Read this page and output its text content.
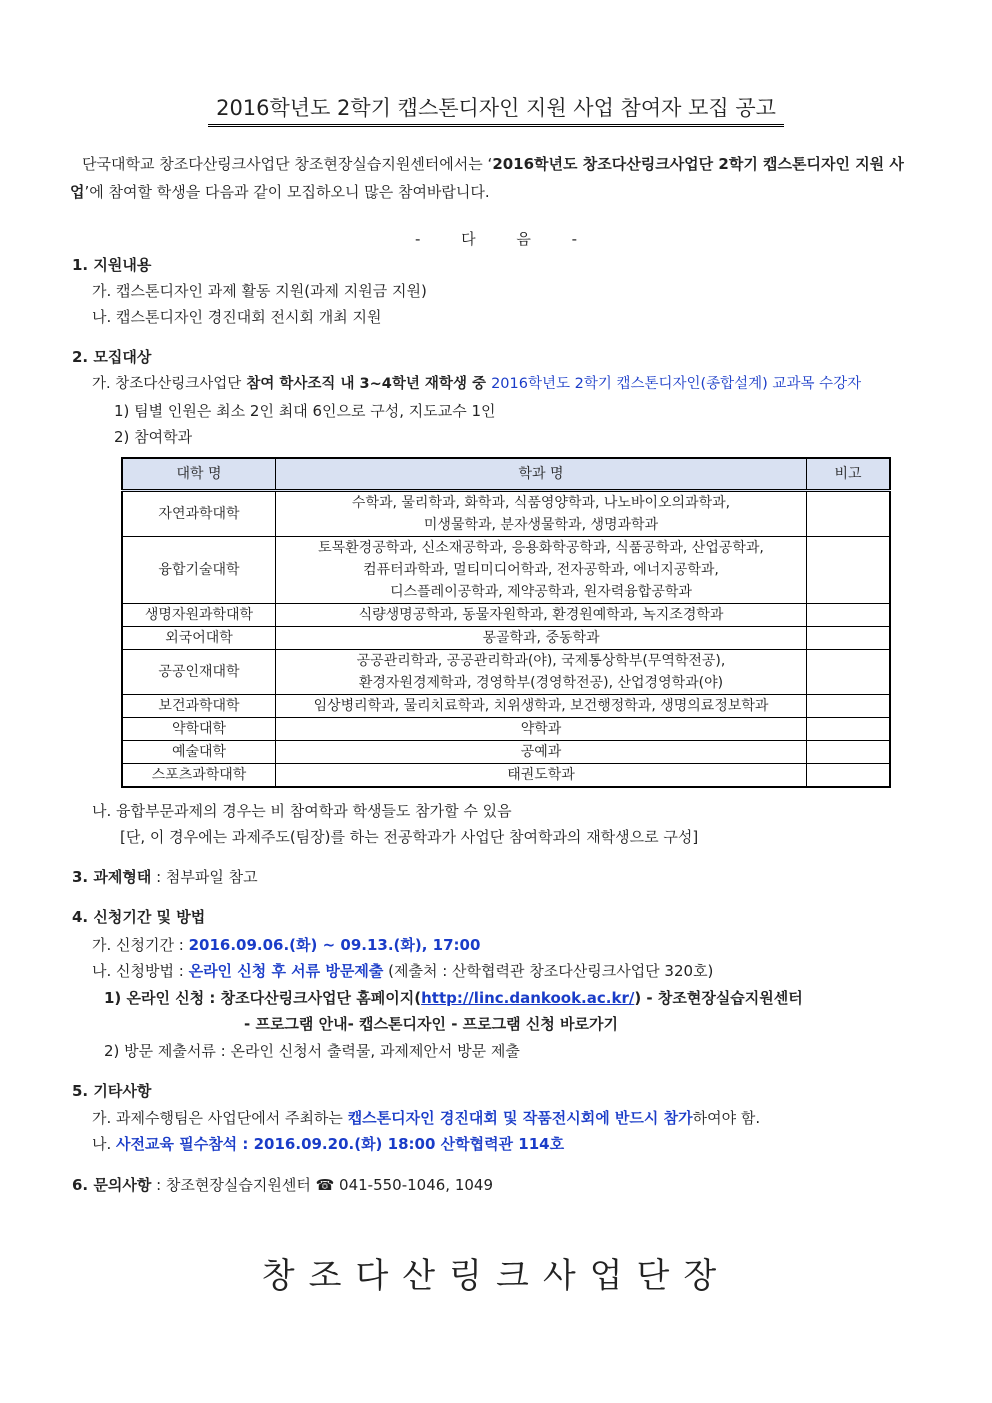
2016학년도 2학기 캡스톤디자인 지원 사업 참여자 모집 공고
단국대학교 창조다산링크사업단 창조현장실습지원센터에서는 ‘2016학년도 창조다산링크사업단 2학기 캡스톤디자인 지원 사업’에 참여할 학생을 다음과 같이 모집하오니 많은 참여바랍니다.
- 다 음 -
1. 지원내용
가. 캡스톤디자인 과제 활동 지원(과제 지원금 지원)
나. 캡스톤디자인 경진대회 전시회 개최 지원
2. 모집대상
가. 창조다산링크사업단 참여 학사조직 내 3~4학년 재학생 중 2016학년도 2학기 캡스톤디자인(종합설계) 교과목 수강자
1) 팀별 인원은 최소 2인 최대 6인으로 구성, 지도교수 1인
2) 참여학과
대학 명	학과 명	비고
자연과학대학	수학과, 물리학과, 화학과, 식품영양학과, 나노바이오의과학과,
미생물학과, 분자생물학과, 생명과학과	

융합기술대학	토목환경공학과, 신소재공학과, 응용화학공학과, 식품공학과, 산업공학과,
컴퓨터과학과, 멀티미디어학과, 전자공학과, 에너지공학과,
디스플레이공학과, 제약공학과, 원자력융합공학과	

생명자원과학대학	식량생명공학과, 동물자원학과, 환경원예학과, 녹지조경학과	

외국어대학	몽골학과, 중동학과	

공공인재대학	공공관리학과, 공공관리학과(야), 국제통상학부(무역학전공),
환경자원경제학과, 경영학부(경영학전공), 산업경영학과(야)	

보건과학대학	임상병리학과, 물리치료학과, 치위생학과, 보건행정학과, 생명의료정보학과	

약학대학	약학과	

예술대학	공예과	

스포츠과학대학	태권도학과	

나. 융합부문과제의 경우는 비 참여학과 학생들도 참가할 수 있음
[단, 이 경우에는 과제주도(팀장)를 하는 전공학과가 사업단 참여학과의 재학생으로 구성]
3. 과제형태 : 첨부파일 참고
4. 신청기간 및 방법
가. 신청기간 : 2016.09.06.(화) ~ 09.13.(화), 17:00
나. 신청방법 : 온라인 신청 후 서류 방문제출 (제출처 : 산학협력관 창조다산링크사업단 320호)
1) 온라인 신청 : 창조다산링크사업단 홈페이지(http://linc.dankook.ac.kr/) - 창조현장실습지원센터
- 프로그램 안내- 캡스톤디자인 - 프로그램 신청 바로가기
2) 방문 제출서류 : 온라인 신청서 출력물, 과제제안서 방문 제출
5. 기타사항
가. 과제수행팀은 사업단에서 주최하는 캡스톤디자인 경진대회 및 작품전시회에 반드시 참가하여야 함.
나. 사전교육 필수참석 : 2016.09.20.(화) 18:00 산학협력관 114호
6. 문의사항 : 창조현장실습지원센터 ☎ 041-550-1046, 1049
창조다산링크사업단장
